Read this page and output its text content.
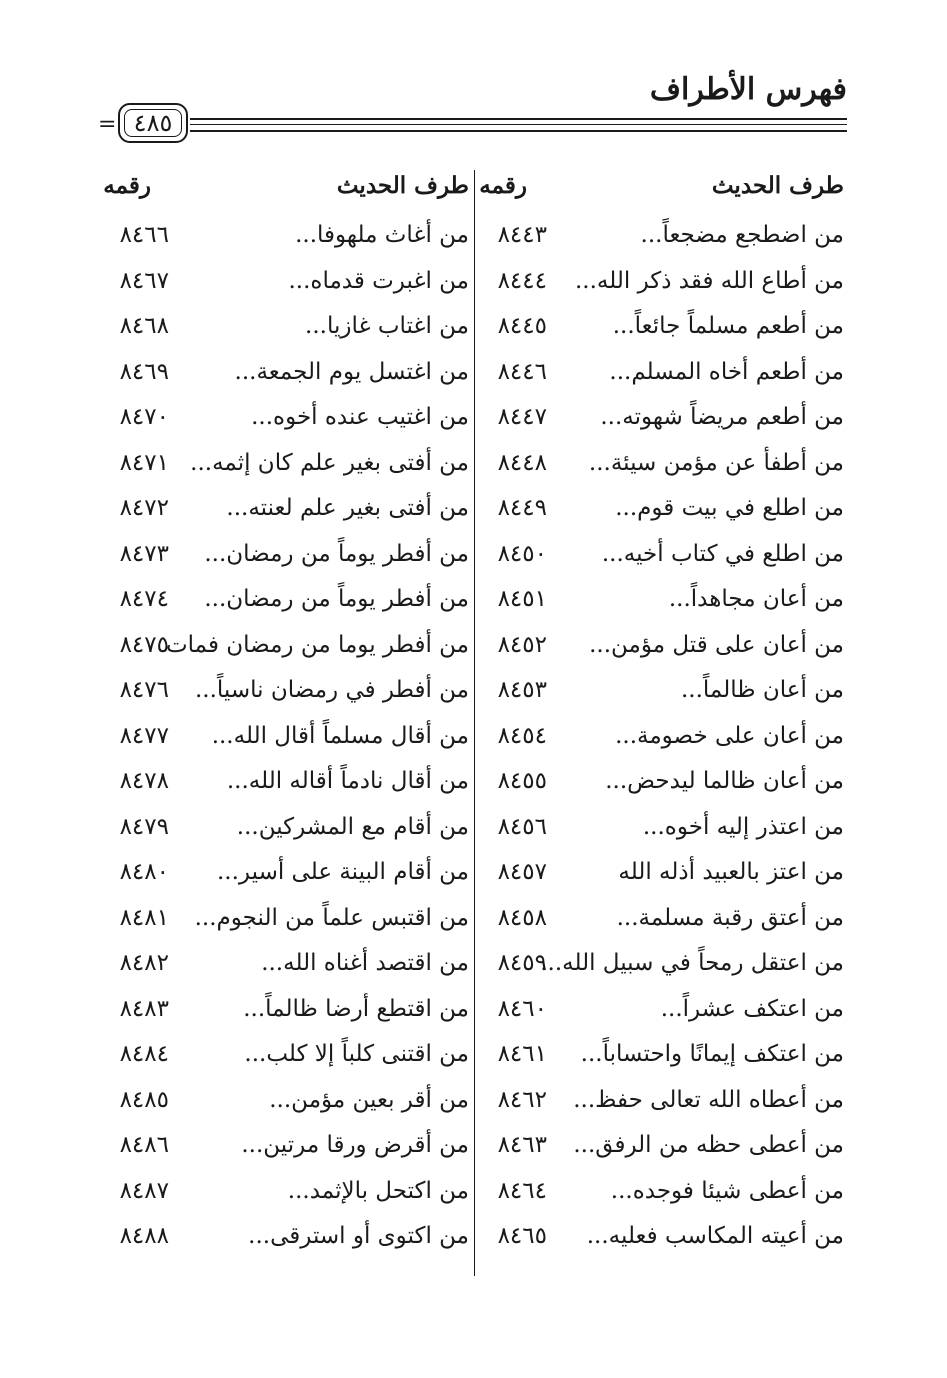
فهرس الأطراف
= ٤٨٥
طرف الحديث
رقمه
طرف الحديث
رقمه
من اضطجع مضجعاً...
٨٤٤٣
من أغاث ملهوفا...
٨٤٦٦
من أطاع الله فقد ذكر الله...
٨٤٤٤
من اغبرت قدماه...
٨٤٦٧
من أطعم مسلماً جائعاً...
٨٤٤٥
من اغتاب غازيا...
٨٤٦٨
من أطعم أخاه المسلم...
٨٤٤٦
من اغتسل يوم الجمعة...
٨٤٦٩
من أطعم مريضاً شهوته...
٨٤٤٧
من اغتيب عنده أخوه...
٨٤٧٠
من أطفأ عن مؤمن سيئة...
٨٤٤٨
من أفتى بغير علم كان إثمه...
٨٤٧١
من اطلع في بيت قوم...
٨٤٤٩
من أفتى بغير علم لعنته...
٨٤٧٢
من اطلع في كتاب أخيه...
٨٤٥٠
من أفطر يوماً من رمضان...
٨٤٧٣
من أعان مجاهداً...
٨٤٥١
من أفطر يوماً من رمضان...
٨٤٧٤
من أعان على قتل مؤمن...
٨٤٥٢
من أفطر يوما من رمضان فمات
٨٤٧٥
من أعان ظالماً...
٨٤٥٣
من أفطر في رمضان ناسياً...
٨٤٧٦
من أعان على خصومة...
٨٤٥٤
من أقال مسلماً أقال الله...
٨٤٧٧
من أعان ظالما ليدحض...
٨٤٥٥
من أقال نادماً أقاله الله...
٨٤٧٨
من اعتذر إليه أخوه...
٨٤٥٦
من أقام مع المشركين...
٨٤٧٩
من اعتز بالعبيد أذله الله
٨٤٥٧
من أقام البينة على أسير...
٨٤٨٠
من أعتق رقبة مسلمة...
٨٤٥٨
من اقتبس علماً من النجوم...
٨٤٨١
من اعتقل رمحاً في سبيل الله...
٨٤٥٩
من اقتصد أغناه الله...
٨٤٨٢
من اعتكف عشراً...
٨٤٦٠
من اقتطع أرضا ظالماً...
٨٤٨٣
من اعتكف إيمانًا واحتساباً...
٨٤٦١
من اقتنى كلباً إلا كلب...
٨٤٨٤
من أعطاه الله تعالى حفظ...
٨٤٦٢
من أقر بعين مؤمن...
٨٤٨٥
من أعطى حظه من الرفق...
٨٤٦٣
من أقرض ورقا مرتين...
٨٤٨٦
من أعطى شيئا فوجده...
٨٤٦٤
من اكتحل بالإثمد...
٨٤٨٧
من أعيته المكاسب فعليه...
٨٤٦٥
من اكتوى أو استرقى...
٨٤٨٨
